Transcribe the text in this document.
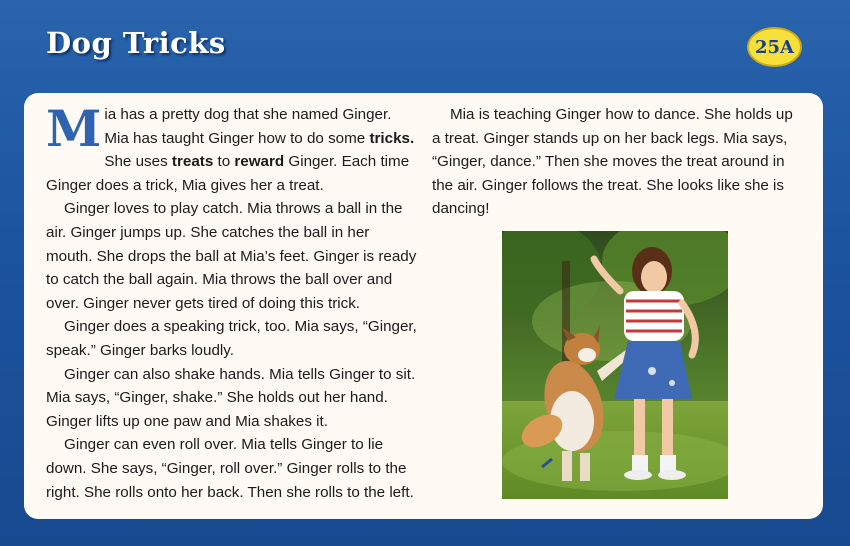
Dog Tricks	25A

Mia has a pretty dog that she named Ginger. Mia has taught Ginger how to do some tricks. She uses treats to reward Ginger. Each time Ginger does a trick, Mia gives her a treat.

Ginger loves to play catch. Mia throws a ball in the air. Ginger jumps up. She catches the ball in her mouth. She drops the ball at Mia’s feet. Ginger is ready to catch the ball again. Mia throws the ball over and over. Ginger never gets tired of doing this trick.

Ginger does a speaking trick, too. Mia says, “Ginger, speak.” Ginger barks loudly.

Ginger can also shake hands. Mia tells Ginger to sit. Mia says, “Ginger, shake.” She holds out her hand. Ginger lifts up one paw and Mia shakes it.

Ginger can even roll over. Mia tells Ginger to lie down. She says, “Ginger, roll over.” Ginger rolls to the right. She rolls onto her back. Then she rolls to the left.

Mia is teaching Ginger how to dance. She holds up a treat. Ginger stands up on her back legs. Mia says, “Ginger, dance.” Then she moves the treat around in the air. Ginger follows the treat. She looks like she is dancing!
